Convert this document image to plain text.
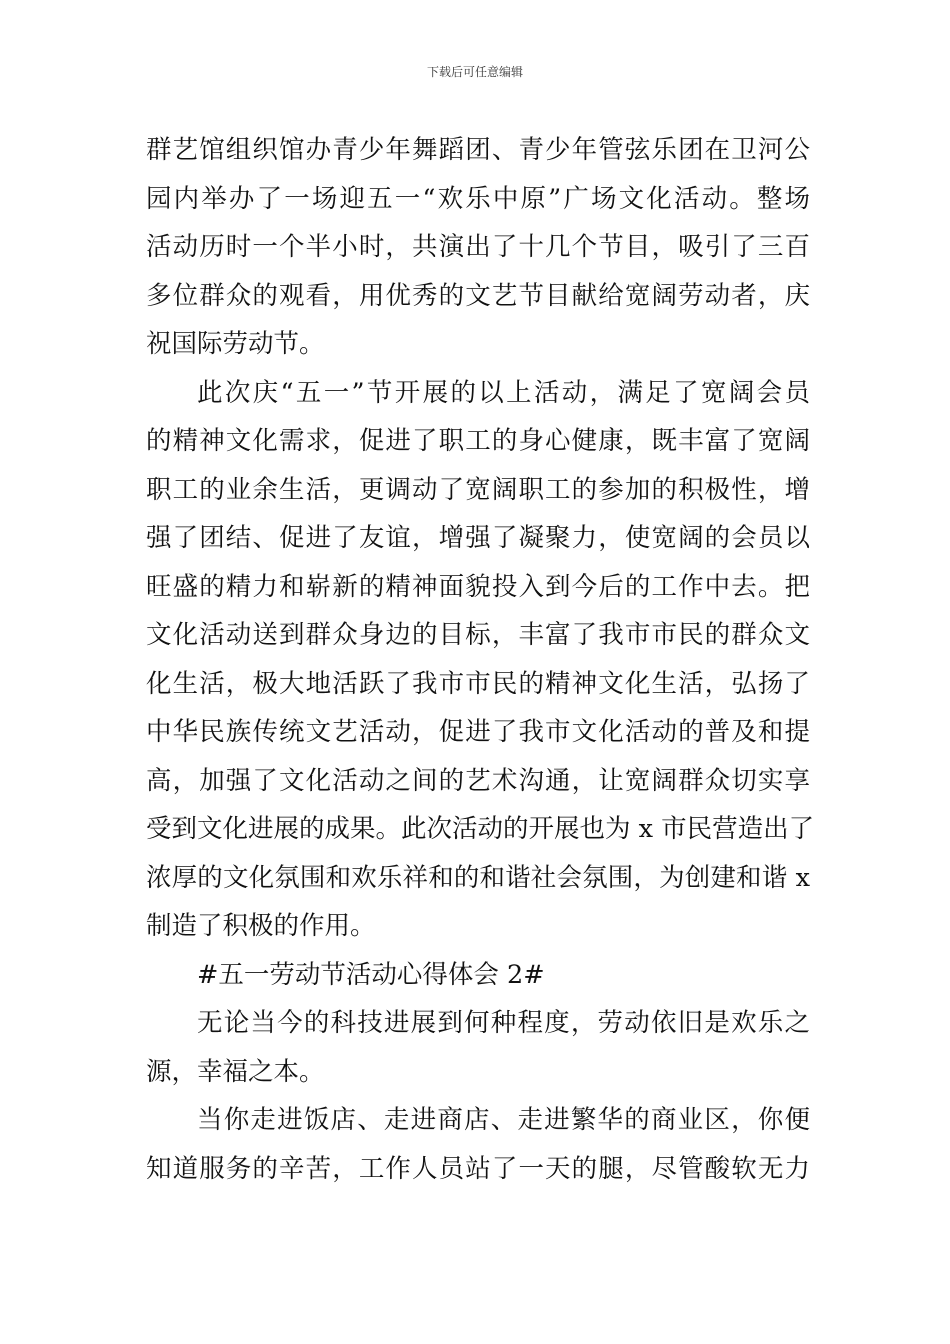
下载后可任意编辑
群艺馆组织馆办青少年舞蹈团、青少年管弦乐团在卫河公
园内举办了一场迎五一“欢乐中原”广场文化活动。整场
活动历时一个半小时，共演出了十几个节目，吸引了三百
多位群众的观看，用优秀的文艺节目献给宽阔劳动者，庆
祝国际劳动节。
此次庆“五一”节开展的以上活动，满足了宽阔会员
的精神文化需求，促进了职工的身心健康，既丰富了宽阔
职工的业余生活，更调动了宽阔职工的参加的积极性，增
强了团结、促进了友谊，增强了凝聚力，使宽阔的会员以
旺盛的精力和崭新的精神面貌投入到今后的工作中去。把
文化活动送到群众身边的目标，丰富了我市市民的群众文
化生活，极大地活跃了我市市民的精神文化生活，弘扬了
中华民族传统文艺活动，促进了我市文化活动的普及和提
高，加强了文化活动之间的艺术沟通，让宽阔群众切实享
受到文化进展的成果。此次活动的开展也为 x 市民营造出了
浓厚的文化氛围和欢乐祥和的和谐社会氛围，为创建和谐 x
制造了积极的作用。
#五一劳动节活动心得体会 2#
无论当今的科技进展到何种程度，劳动依旧是欢乐之
源，幸福之本。
当你走进饭店、走进商店、走进繁华的商业区，你便
知道服务的辛苦，工作人员站了一天的腿，尽管酸软无力
